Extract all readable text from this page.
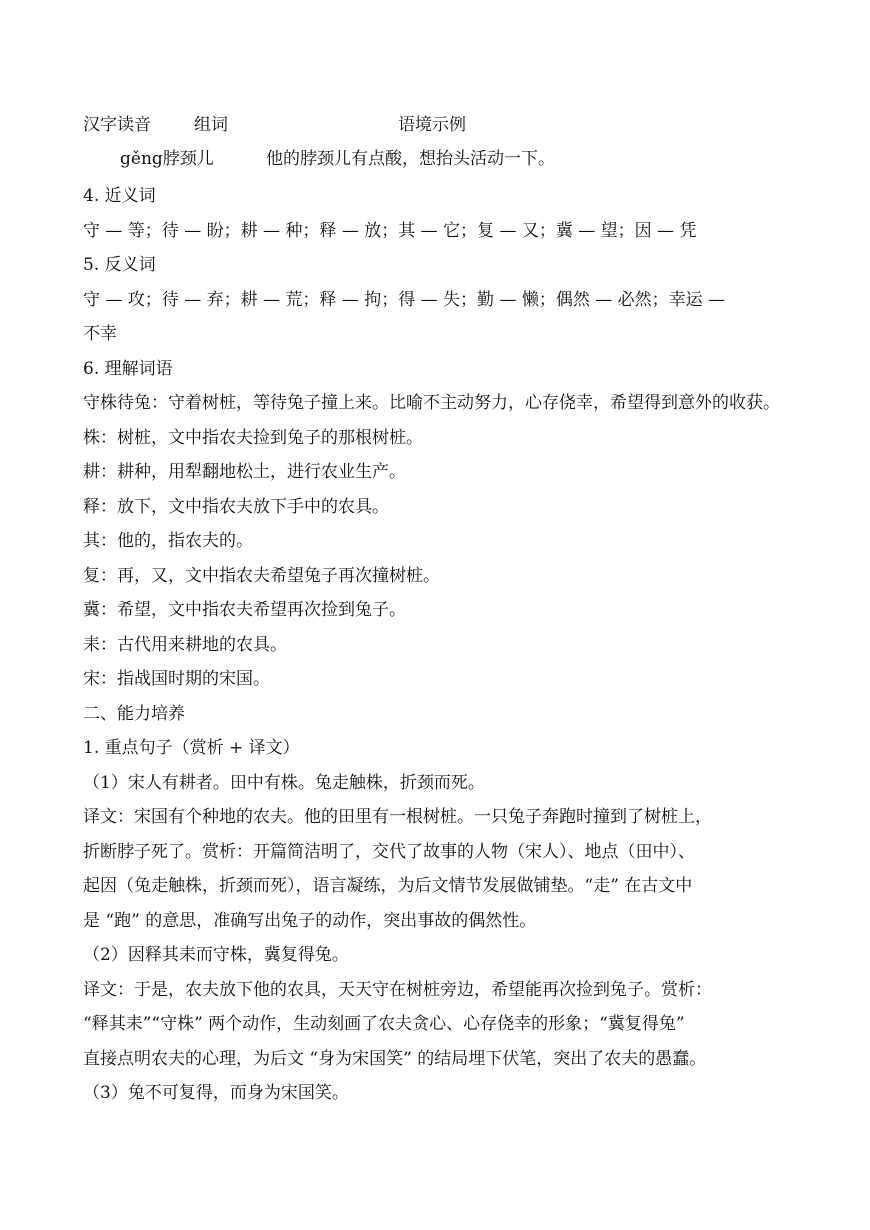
汉字读音	组词	语境示例
gěng脖颈儿	他的脖颈儿有点酸，想抬头活动一下。
4. 近义词
守 — 等；待 — 盼；耕 — 种；释 — 放；其 — 它；复 — 又；冀 — 望；因 — 凭
5. 反义词
守 — 攻；待 — 弃；耕 — 荒；释 — 拘；得 — 失；勤 — 懒；偶然 — 必然；幸运 —
不幸
6. 理解词语
守株待兔：守着树桩，等待兔子撞上来。比喻不主动努力，心存侥幸，希望得到意外的收获。
株：树桩，文中指农夫捡到兔子的那根树桩。
耕：耕种，用犁翻地松土，进行农业生产。
释：放下，文中指农夫放下手中的农具。
其：他的，指农夫的。
复：再，又，文中指农夫希望兔子再次撞树桩。
冀：希望，文中指农夫希望再次捡到兔子。
耒：古代用来耕地的农具。
宋：指战国时期的宋国。
二、能力培养
1. 重点句子（赏析 + 译文）
（1）宋人有耕者。田中有株。兔走触株，折颈而死。
译文：宋国有个种地的农夫。他的田里有一根树桩。一只兔子奔跑时撞到了树桩上，
折断脖子死了。赏析：开篇简洁明了，交代了故事的人物（宋人）、地点（田中）、
起因（兔走触株，折颈而死），语言凝练，为后文情节发展做铺垫。“走” 在古文中
是 “跑” 的意思，准确写出兔子的动作，突出事故的偶然性。
（2）因释其耒而守株，冀复得兔。
译文：于是，农夫放下他的农具，天天守在树桩旁边，希望能再次捡到兔子。赏析：
“释其耒”“守株” 两个动作，生动刻画了农夫贪心、心存侥幸的形象；“冀复得兔”
直接点明农夫的心理，为后文 “身为宋国笑” 的结局埋下伏笔，突出了农夫的愚蠢。
（3）兔不可复得，而身为宋国笑。
